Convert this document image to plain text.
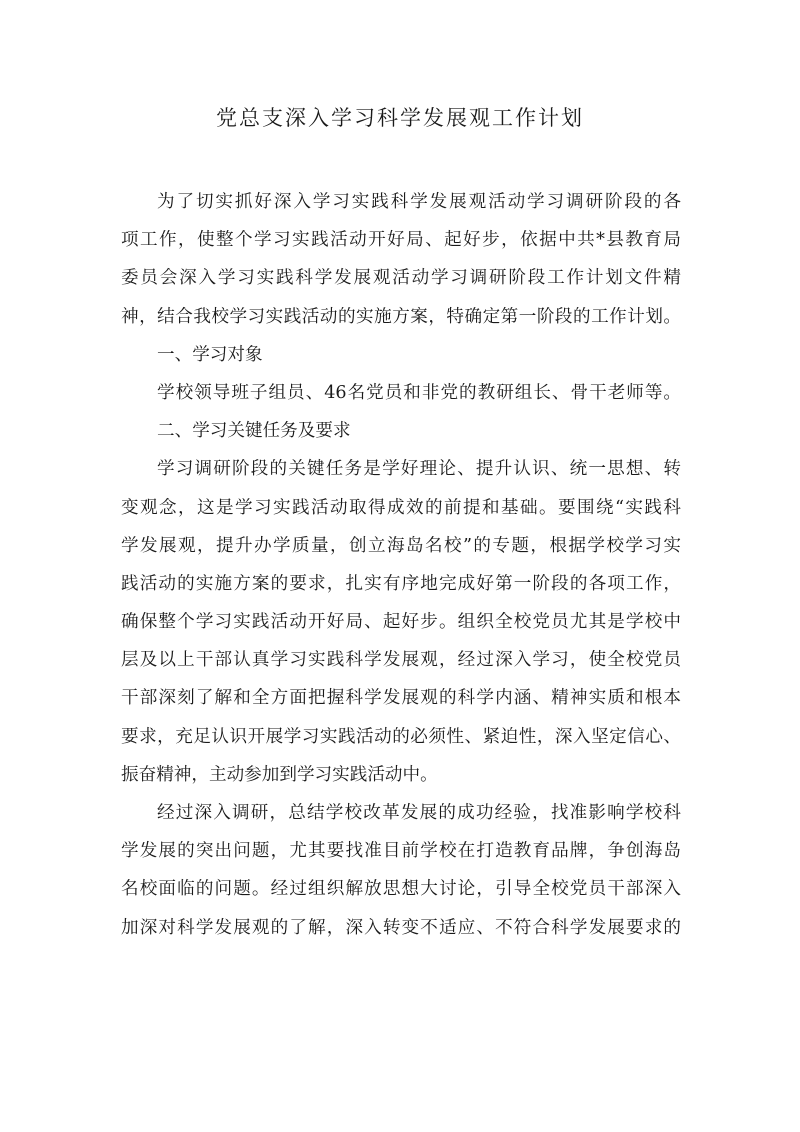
党总支深入学习科学发展观工作计划
为了切实抓好深入学习实践科学发展观活动学习调研阶段的各
项工作，使整个学习实践活动开好局、起好步，依据中共*县教育局
委员会深入学习实践科学发展观活动学习调研阶段工作计划文件精
神，结合我校学习实践活动的实施方案，特确定第一阶段的工作计划。
一、学习对象
学校领导班子组员、46名党员和非党的教研组长、骨干老师等。
二、学习关键任务及要求
学习调研阶段的关键任务是学好理论、提升认识、统一思想、转
变观念，这是学习实践活动取得成效的前提和基础。要围绕“实践科
学发展观，提升办学质量，创立海岛名校”的专题，根据学校学习实
践活动的实施方案的要求，扎实有序地完成好第一阶段的各项工作，
确保整个学习实践活动开好局、起好步。组织全校党员尤其是学校中
层及以上干部认真学习实践科学发展观，经过深入学习，使全校党员
干部深刻了解和全方面把握科学发展观的科学内涵、精神实质和根本
要求，充足认识开展学习实践活动的必须性、紧迫性，深入坚定信心、
振奋精神，主动参加到学习实践活动中。
经过深入调研，总结学校改革发展的成功经验，找准影响学校科
学发展的突出问题，尤其要找准目前学校在打造教育品牌，争创海岛
名校面临的问题。经过组织解放思想大讨论，引导全校党员干部深入
加深对科学发展观的了解，深入转变不适应、不符合科学发展要求的
